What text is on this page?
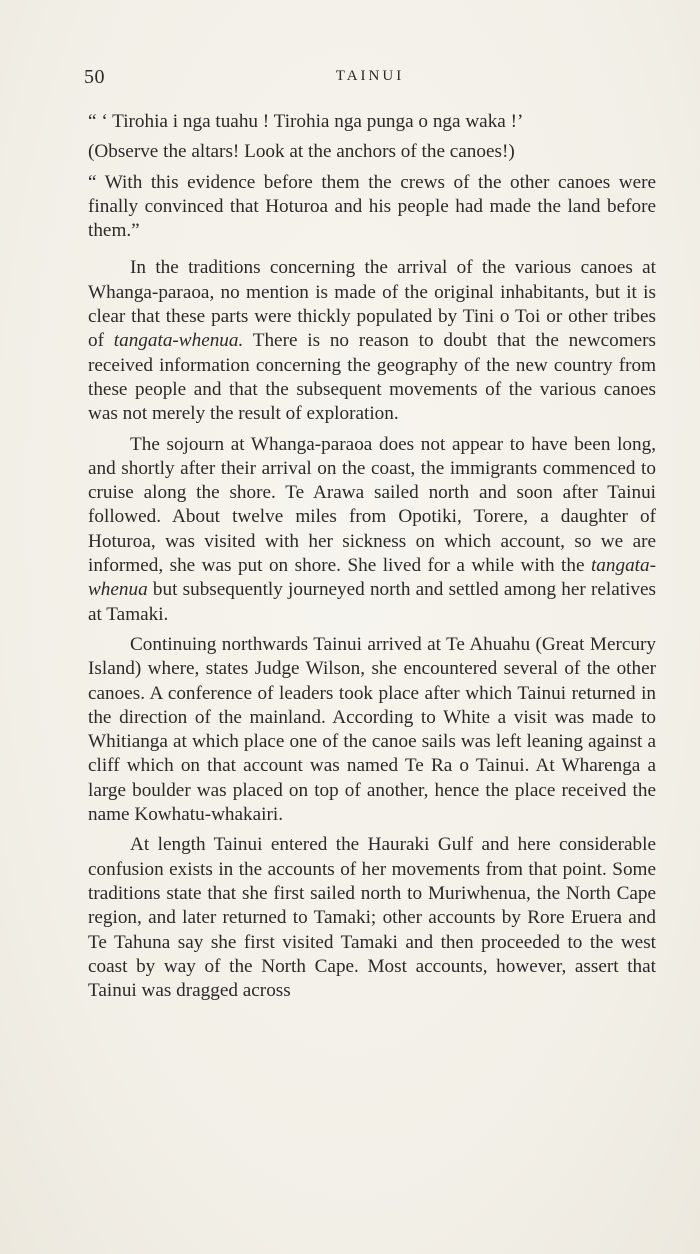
50	TAINUI

“ ‘ Tirohia i nga tuahu ! Tirohia nga punga o nga waka !’

(Observe the altars! Look at the anchors of the canoes!)

“ With this evidence before them the crews of the other canoes were finally convinced that Hoturoa and his people had made the land before them.”

In the traditions concerning the arrival of the various canoes at Whanga-paraoa, no mention is made of the original inhabitants, but it is clear that these parts were thickly populated by Tini o Toi or other tribes of tangata-whenua. There is no reason to doubt that the newcomers received information concerning the geography of the new country from these people and that the subsequent movements of the various canoes was not merely the result of exploration.

The sojourn at Whanga-paraoa does not appear to have been long, and shortly after their arrival on the coast, the immigrants commenced to cruise along the shore. Te Arawa sailed north and soon after Tainui followed. About twelve miles from Opotiki, Torere, a daughter of Hoturoa, was visited with her sickness on which account, so we are informed, she was put on shore. She lived for a while with the tangata-whenua but subsequently journeyed north and settled among her relatives at Tamaki.

Continuing northwards Tainui arrived at Te Ahuahu (Great Mercury Island) where, states Judge Wilson, she encountered several of the other canoes. A conference of leaders took place after which Tainui returned in the direction of the mainland. According to White a visit was made to Whitianga at which place one of the canoe sails was left leaning against a cliff which on that account was named Te Ra o Tainui. At Wharenga a large boulder was placed on top of another, hence the place received the name Kowhatu-whakairi.

At length Tainui entered the Hauraki Gulf and here considerable confusion exists in the accounts of her movements from that point. Some traditions state that she first sailed north to Muriwhenua, the North Cape region, and later returned to Tamaki; other accounts by Rore Eruera and Te Tahuna say she first visited Tamaki and then proceeded to the west coast by way of the North Cape. Most accounts, however, assert that Tainui was dragged across
